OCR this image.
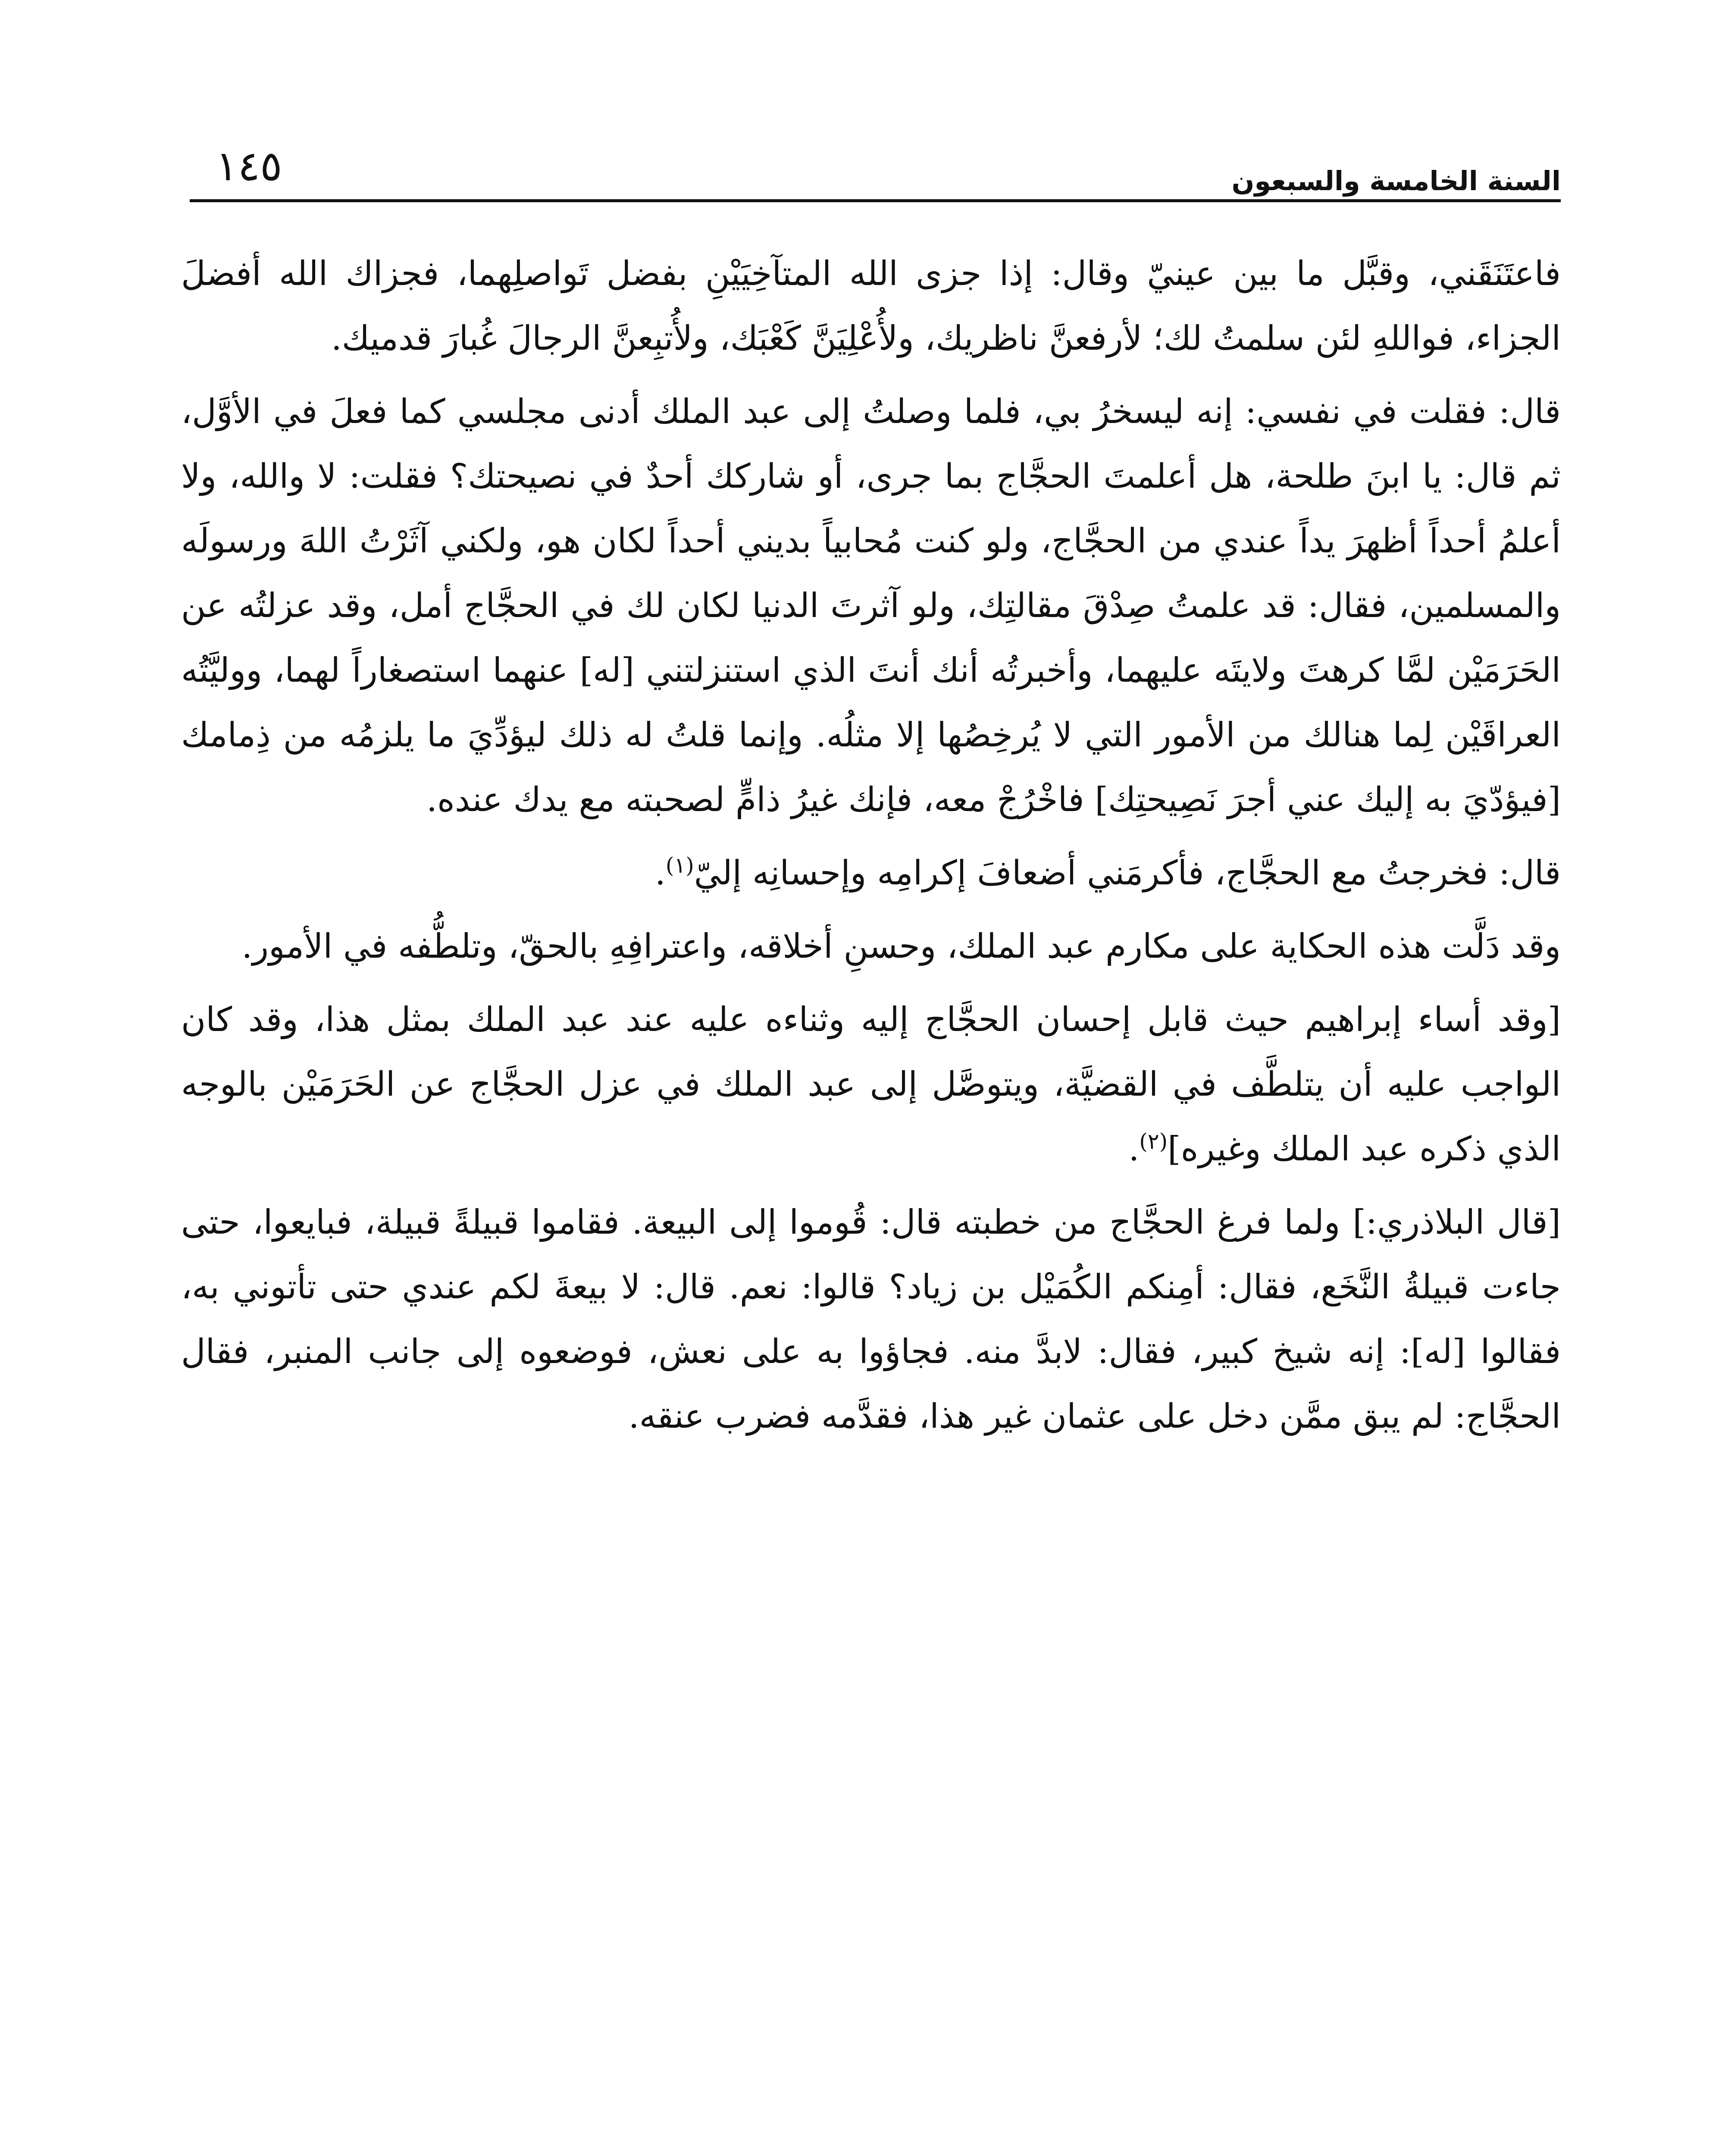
السنة الخامسة والسبعون
١٤٥

فاعتَنَقَني، وقبَّل ما بين عينيّ وقال: إذا جزى الله المتآخِيَيْنِ بفضل تَواصلِهما، فجزاك الله أفضلَ الجزاء، فواللهِ لئن سلمتُ لك؛ لأرفعنَّ ناظريك، ولأُعْلِيَنَّ كَعْبَك، ولأُتبِعنَّ الرجالَ غُبارَ قدميك.

قال: فقلت في نفسي: إنه ليسخرُ بي، فلما وصلتُ إلى عبد الملك أدنى مجلسي كما فعلَ في الأوَّل، ثم قال: يا ابنَ طلحة، هل أعلمتَ الحجَّاج بما جرى، أو شاركك أحدٌ في نصيحتك؟ فقلت: لا والله، ولا أعلمُ أحداً أظهرَ يداً عندي من الحجَّاج، ولو كنت مُحابياً بديني أحداً لكان هو، ولكني آثَرْتُ اللهَ ورسولَه والمسلمين، فقال: قد علمتُ صِدْقَ مقالتِك، ولو آثرتَ الدنيا لكان لك في الحجَّاج أمل، وقد عزلتُه عن الحَرَمَيْن لمَّا كرهتَ ولايتَه عليهما، وأخبرتُه أنك أنتَ الذي استنزلتني [له] عنهما استصغاراً لهما، ووليَّتُه العراقَيْن لِما هنالك من الأمور التي لا يُرخِصُها إلا مثلُه. وإنما قلتُ له ذلك ليؤدِّيَ ما يلزمُه من ذِمامك [فيؤدّيَ به إليك عني أجرَ نَصِيحتِك] فاخْرُجْ معه، فإنك غيرُ ذامٍّ لصحبته مع يدك عنده.

قال: فخرجتُ مع الحجَّاج، فأكرمَني أضعافَ إكرامِه وإحسانِه إليّ$^{(١)}$.

وقد دَلَّت هذه الحكاية على مكارم عبد الملك، وحسنِ أخلاقه، واعترافِهِ بالحقّ، وتلطُّفه في الأمور.

[وقد أساء إبراهيم حيث قابل إحسان الحجَّاج إليه وثناءه عليه عند عبد الملك بمثل هذا، وقد كان الواجب عليه أن يتلطَّف في القضيَّة، ويتوصَّل إلى عبد الملك في عزل الحجَّاج عن الحَرَمَيْن بالوجه الذي ذكره عبد الملك وغيره]$^{(٢)}$.

[قال البلاذري:] ولما فرغ الحجَّاج من خطبته قال: قُوموا إلى البيعة. فقاموا قبيلةً قبيلة، فبايعوا، حتى جاءت قبيلةُ النَّخَع، فقال: أمِنكم الكُمَيْل بن زياد؟ قالوا: نعم. قال: لا بيعةَ لكم عندي حتى تأتوني به، فقالوا [له]: إنه شيخ كبير، فقال: لابدَّ منه. فجاؤوا به على نعش، فوضعوه إلى جانب المنبر، فقال الحجَّاج: لم يبق ممَّن دخل على عثمان غير هذا، فقدَّمه فضرب عنقه.
